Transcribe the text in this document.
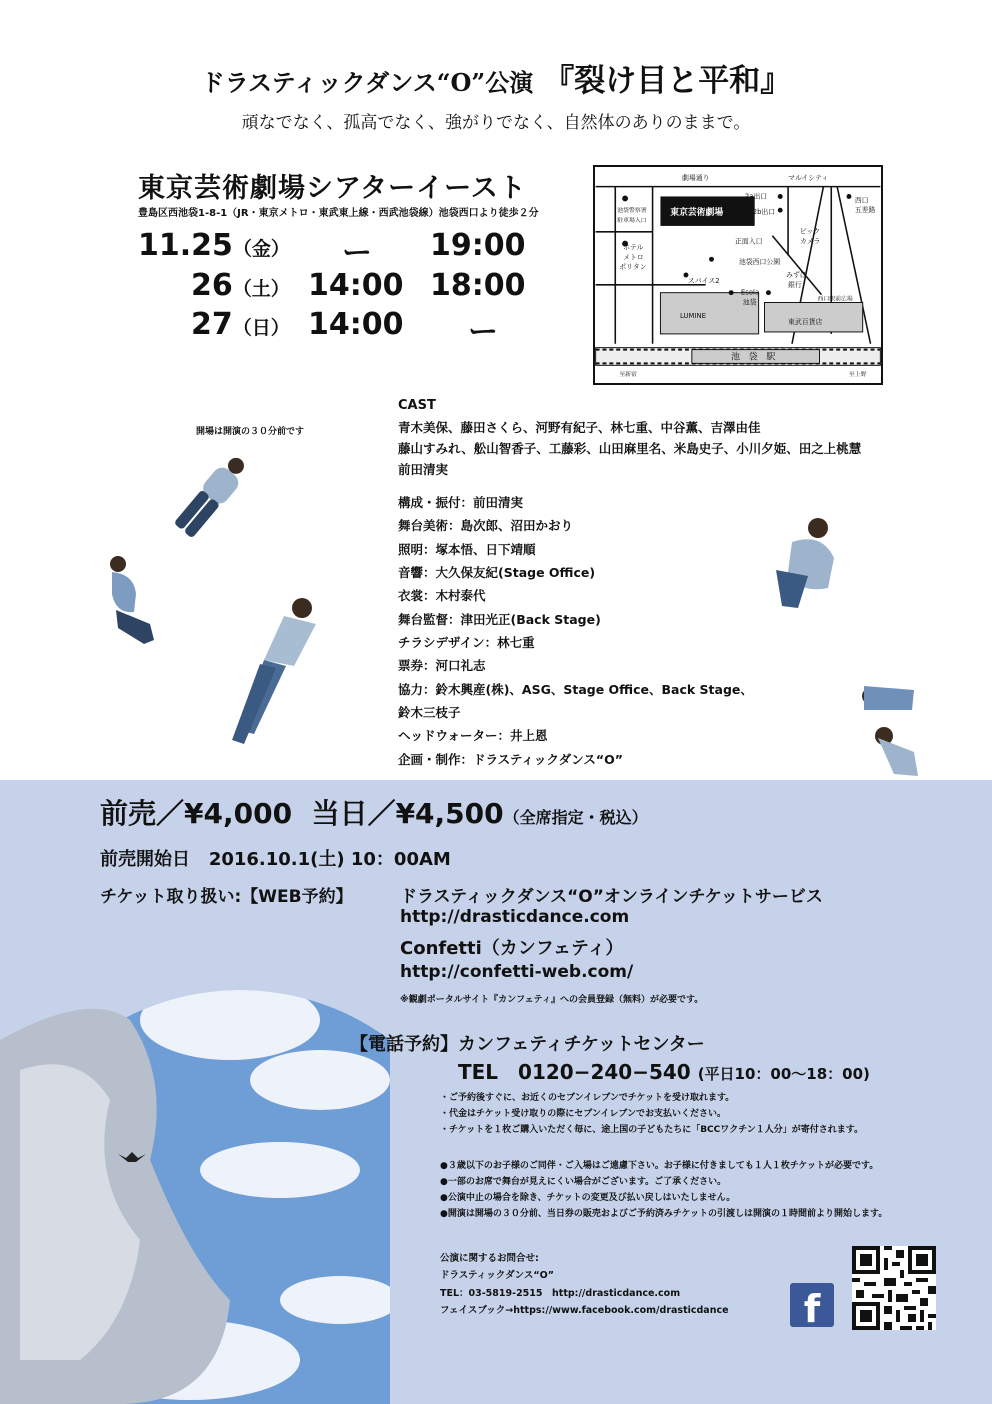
ドラスティックダンス“O”公演 『裂け目と平和』
頑なでなく、孤高でなく、強がりでなく、自然体のありのままで。
東京芸術劇場シアターイースト
豊島区西池袋1-8-1（JR・東京メトロ・東武東上線・西武池袋線）池袋西口より徒歩２分
11.25（金） ー 19:00
26（土） 14:00 18:00
27（日） 14:00 ー
劇場通り	マルイシティ
2a出口
2b出口
西口
五差路
池袋警察署
駐車場入口
東京芸術劇場
正面入口
ビック
カメラ
ホテル
メトロ
ポリタン
池袋西口公園
スパイス2
Esola
池袋
みずほ
銀行
西口駅前広場
LUMINE
東武百貨店
池　袋　駅
至新宿	至上野
開場は開演の３０分前です
CAST
青木美保、藤田さくら、河野有紀子、林七重、中谷薫、吉澤由佳
藤山すみれ、舩山智香子、工藤彩、山田麻里名、米島史子、小川夕姫、田之上桃慧
前田清実
構成・振付：前田清実
舞台美術：島次郎、沼田かおり
照明：塚本悟、日下靖順
音響：大久保友紀(Stage Office)
衣裳：木村泰代
舞台監督：津田光正(Back Stage)
チラシデザイン：林七重
票券：河口礼志
協力：鈴木興産(株)、ASG、Stage Office、Back Stage、
鈴木三枝子
ヘッドウォーター：井上恩
企画・制作：ドラスティックダンス“O”
前売／¥4,000 当日／¥4,500（全席指定・税込）
前売開始日 2016.10.1(土) 10：00AM
チケット取り扱い:【WEB予約】	ドラスティックダンス“O”オンラインチケットサービス
http://drasticdance.com
Confetti（カンフェティ）
http://confetti-web.com/
※観劇ポータルサイト『カンフェティ』への会員登録（無料）が必要です。
【電話予約】カンフェティチケットセンター
TEL　0120−240−540 (平日10：00〜18：00)
・ご予約後すぐに、お近くのセブンイレブンでチケットを受け取れます。
・代金はチケット受け取りの際にセブンイレブンでお支払いください。
・チケットを１枚ご購入いただく毎に、途上国の子どもたちに「BCCワクチン１人分」が寄付されます。
●３歳以下のお子様のご同伴・ご入場はご遠慮下さい。お子様に付きましても１人１枚チケットが必要です。
●一部のお席で舞台が見えにくい場合がございます。ご了承ください。
●公演中止の場合を除き、チケットの変更及び払い戻しはいたしません。
●開演は開場の３０分前、当日券の販売およびご予約済みチケットの引渡しは開演の１時間前より開始します。
公演に関するお問合せ:
ドラスティックダンス“O”
TEL：03-5819-2515　http://drasticdance.com
フェイスブック→https://www.facebook.com/drasticdance	f
